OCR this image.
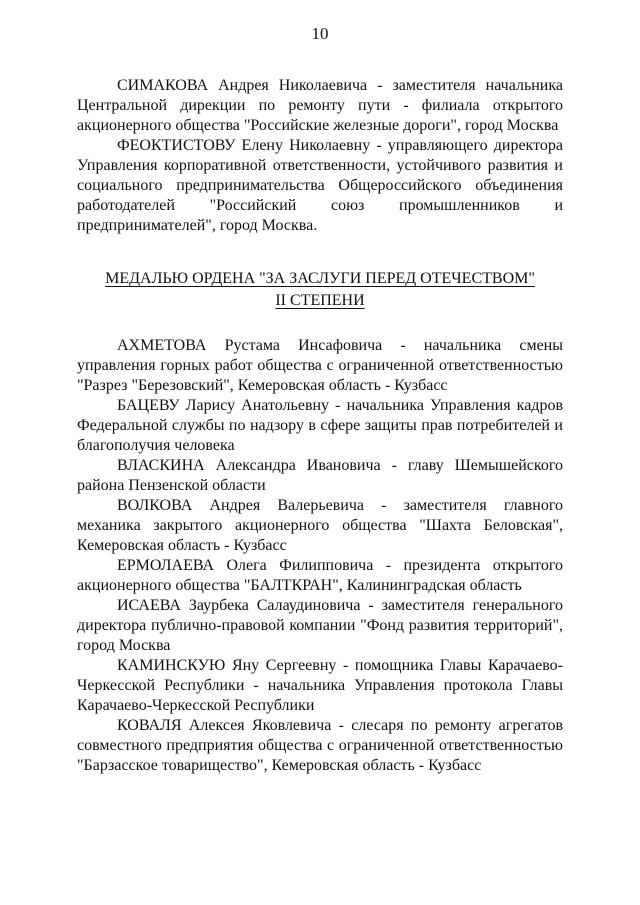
10

СИМАКОВА Андрея Николаевича - заместителя начальника Центральной дирекции по ремонту пути - филиала открытого акционерного общества "Российские железные дороги", город Москва

ФЕОКТИСТОВУ Елену Николаевну - управляющего директора Управления корпоративной ответственности, устойчивого развития и социального предпринимательства Общероссийского объединения работодателей "Российский союз промышленников и предпринимателей", город Москва.

МЕДАЛЬЮ ОРДЕНА "ЗА ЗАСЛУГИ ПЕРЕД ОТЕЧЕСТВОМ"
II СТЕПЕНИ

АХМЕТОВА Рустама Инсафовича - начальника смены управления горных работ общества с ограниченной ответственностью "Разрез "Березовский", Кемеровская область - Кузбасс

БАЦЕВУ Ларису Анатольевну - начальника Управления кадров Федеральной службы по надзору в сфере защиты прав потребителей и благополучия человека

ВЛАСКИНА Александра Ивановича - главу Шемышейского района Пензенской области

ВОЛКОВА Андрея Валерьевича - заместителя главного механика закрытого акционерного общества "Шахта Беловская", Кемеровская область - Кузбасс

ЕРМОЛАЕВА Олега Филипповича - президента открытого акционерного общества "БАЛТКРАН", Калининградская область

ИСАЕВА Заурбека Салаудиновича - заместителя генерального директора публично-правовой компании "Фонд развития территорий", город Москва

КАМИНСКУЮ Яну Сергеевну - помощника Главы Карачаево-Черкесской Республики - начальника Управления протокола Главы Карачаево-Черкесской Республики

КОВАЛЯ Алексея Яковлевича - слесаря по ремонту агрегатов совместного предприятия общества с ограниченной ответственностью "Барзасское товарищество", Кемеровская область - Кузбасс
